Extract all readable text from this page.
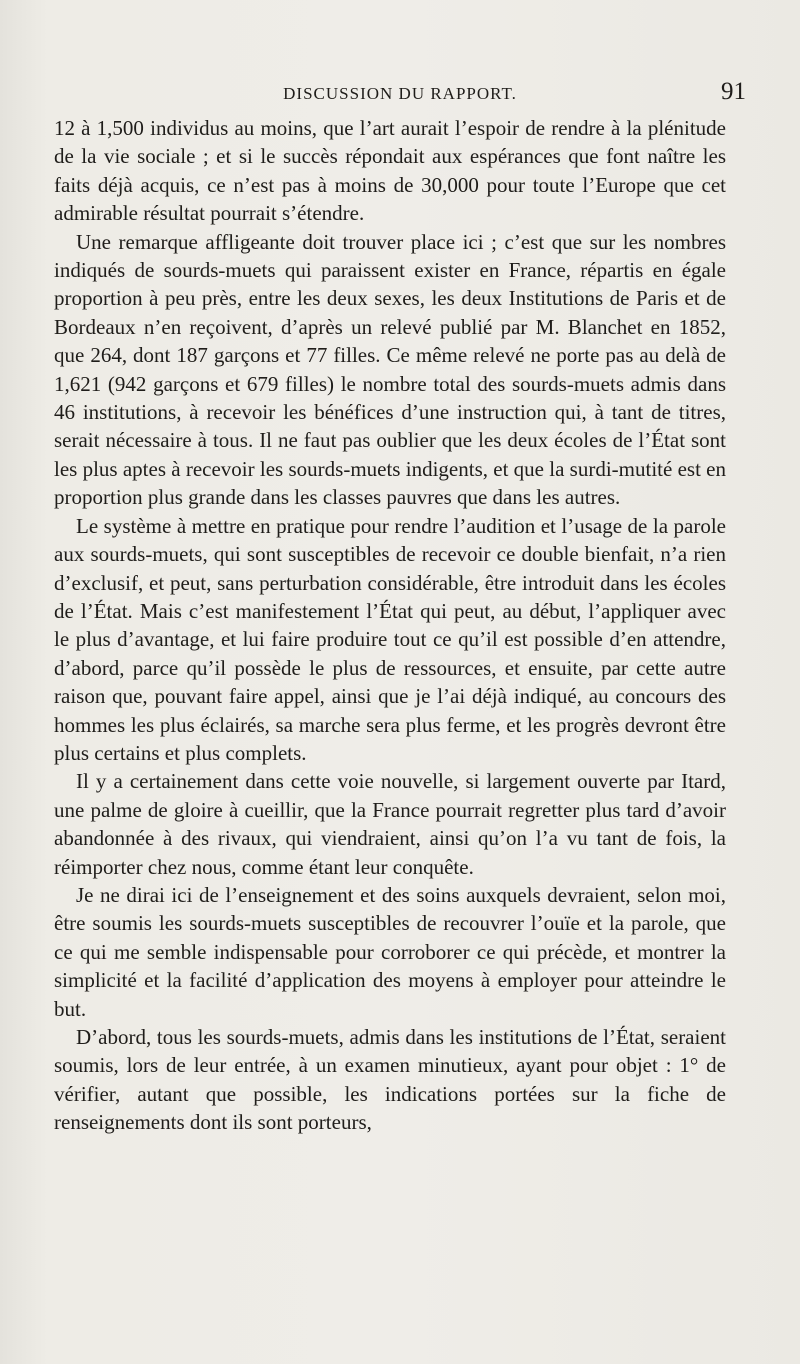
DISCUSSION DU RAPPORT.	91

12 à 1,500 individus au moins, que l’art aurait l’espoir de rendre à la plénitude de la vie sociale ; et si le succès répondait aux espérances que font naître les faits déjà acquis, ce n’est pas à moins de 30,000 pour toute l’Europe que cet admirable résultat pourrait s’étendre.

Une remarque affligeante doit trouver place ici ; c’est que sur les nombres indiqués de sourds-muets qui paraissent exister en France, répartis en égale proportion à peu près, entre les deux sexes, les deux Institutions de Paris et de Bordeaux n’en reçoivent, d’après un relevé publié par M. Blanchet en 1852, que 264, dont 187 garçons et 77 filles. Ce même relevé ne porte pas au delà de 1,621 (942 garçons et 679 filles) le nombre total des sourds-muets admis dans 46 institutions, à recevoir les bénéfices d’une instruction qui, à tant de titres, serait nécessaire à tous. Il ne faut pas oublier que les deux écoles de l’État sont les plus aptes à recevoir les sourds-muets indigents, et que la surdi-mutité est en proportion plus grande dans les classes pauvres que dans les autres.

Le système à mettre en pratique pour rendre l’audition et l’usage de la parole aux sourds-muets, qui sont susceptibles de recevoir ce double bienfait, n’a rien d’exclusif, et peut, sans perturbation considérable, être introduit dans les écoles de l’État. Mais c’est manifestement l’État qui peut, au début, l’appliquer avec le plus d’avantage, et lui faire produire tout ce qu’il est possible d’en attendre, d’abord, parce qu’il possède le plus de ressources, et ensuite, par cette autre raison que, pouvant faire appel, ainsi que je l’ai déjà indiqué, au concours des hommes les plus éclairés, sa marche sera plus ferme, et les progrès devront être plus certains et plus complets.

Il y a certainement dans cette voie nouvelle, si largement ouverte par Itard, une palme de gloire à cueillir, que la France pourrait regretter plus tard d’avoir abandonnée à des rivaux, qui viendraient, ainsi qu’on l’a vu tant de fois, la réimporter chez nous, comme étant leur conquête.

Je ne dirai ici de l’enseignement et des soins auxquels devraient, selon moi, être soumis les sourds-muets susceptibles de recouvrer l’ouïe et la parole, que ce qui me semble indispensable pour corroborer ce qui précède, et montrer la simplicité et la facilité d’application des moyens à employer pour atteindre le but.

D’abord, tous les sourds-muets, admis dans les institutions de l’État, seraient soumis, lors de leur entrée, à un examen minutieux, ayant pour objet : 1° de vérifier, autant que possible, les indications portées sur la fiche de renseignements dont ils sont porteurs,
